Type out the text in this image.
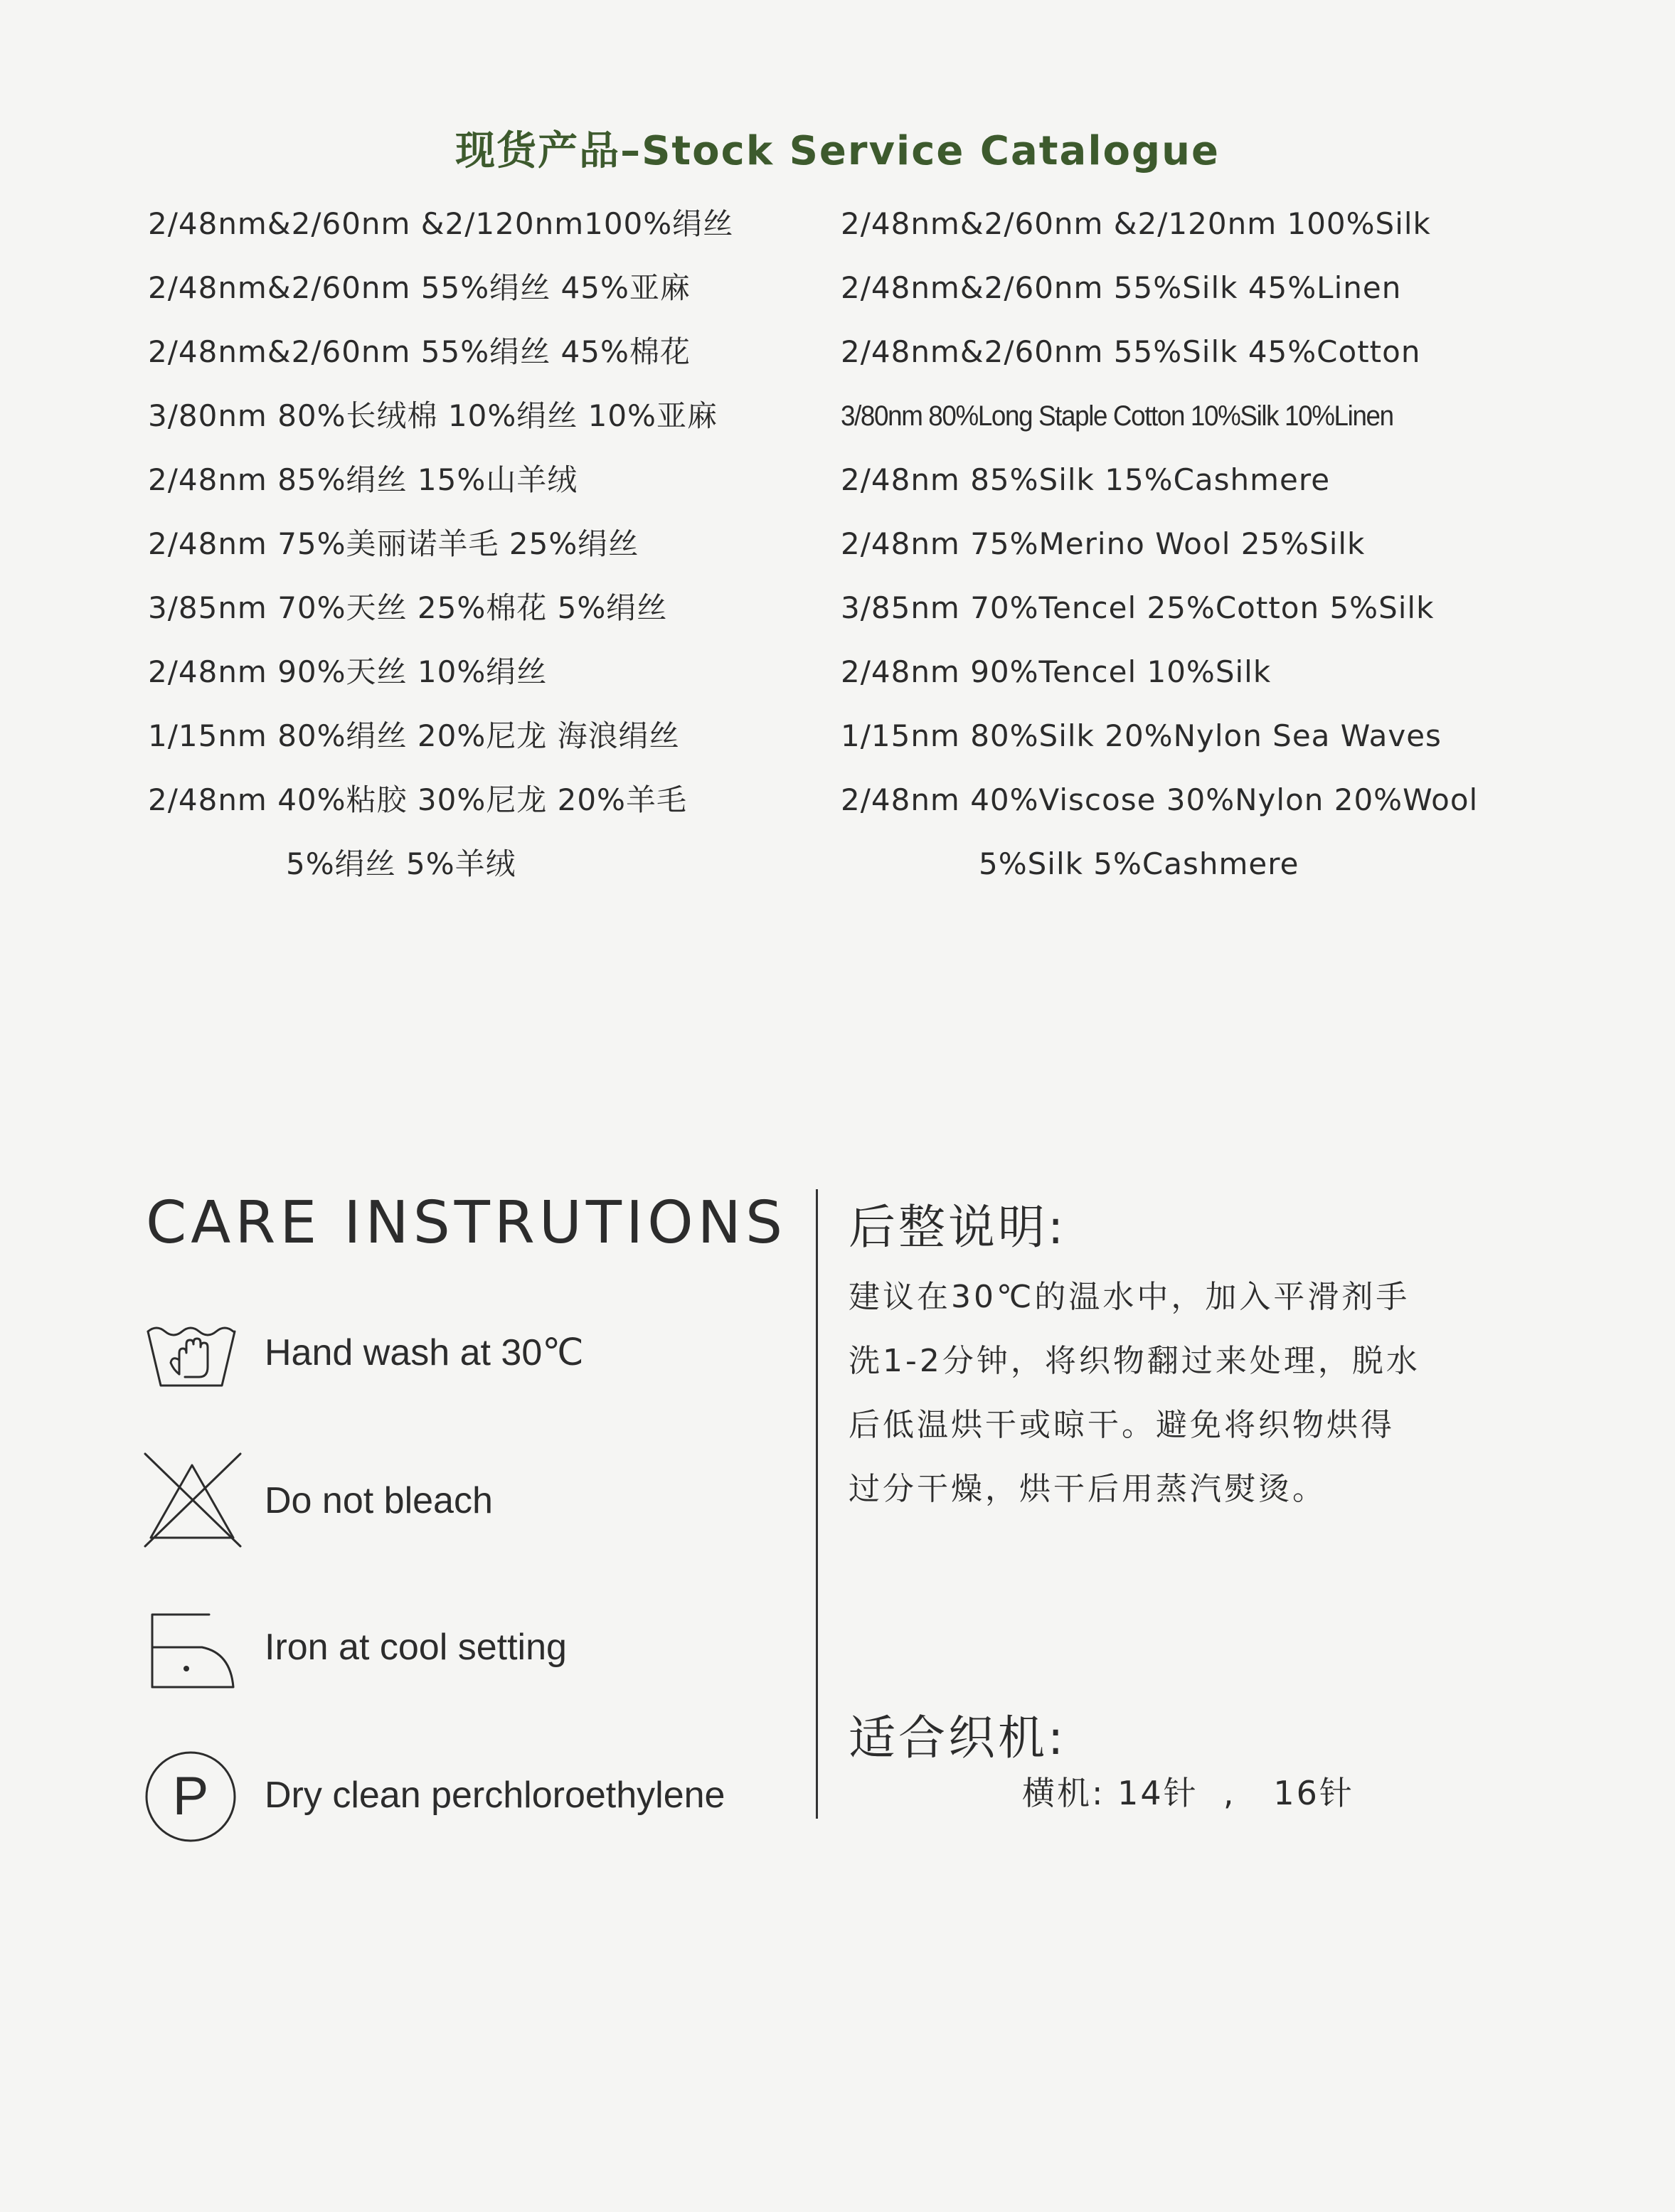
现货产品–Stock Service Catalogue
2/48nm&2/60nm &2/120nm100%绢丝
2/48nm&2/60nm 55%绢丝 45%亚麻
2/48nm&2/60nm 55%绢丝 45%棉花
3/80nm 80%长绒棉 10%绢丝 10%亚麻
2/48nm 85%绢丝 15%山羊绒
2/48nm 75%美丽诺羊毛 25%绢丝
3/85nm 70%天丝 25%棉花 5%绢丝
2/48nm 90%天丝 10%绢丝
1/15nm 80%绢丝 20%尼龙 海浪绢丝
2/48nm 40%粘胶 30%尼龙 20%羊毛
5%绢丝 5%羊绒
2/48nm&2/60nm &2/120nm 100%Silk
2/48nm&2/60nm 55%Silk 45%Linen
2/48nm&2/60nm 55%Silk 45%Cotton
3/80nm 80%Long Staple Cotton 10%Silk 10%Linen
2/48nm 85%Silk 15%Cashmere
2/48nm 75%Merino Wool 25%Silk
3/85nm 70%Tencel 25%Cotton 5%Silk
2/48nm 90%Tencel 10%Silk
1/15nm 80%Silk 20%Nylon Sea Waves
2/48nm 40%Viscose 30%Nylon 20%Wool
5%Silk 5%Cashmere
CARE INSTRUTIONS
Hand wash at 30℃
Do not bleach
Iron at cool setting
P Dry clean perchloroethylene
后整说明:
建议在30℃的温水中，加入平滑剂手
洗1-2分钟，将织物翻过来处理，脱水
后低温烘干或晾干。避免将织物烘得
过分干燥，烘干后用蒸汽熨烫。
适合织机:
横机: 14针  ,   16针
